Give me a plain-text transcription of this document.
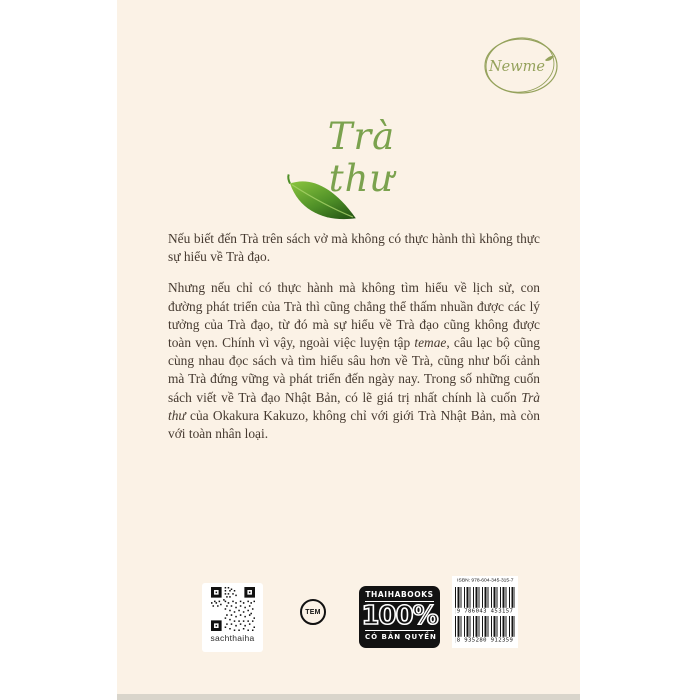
Newme
Trà
thư

Nếu biết đến Trà trên sách vở mà không có thực hành thì không thực sự hiểu về Trà đạo.

Nhưng nếu chỉ có thực hành mà không tìm hiểu về lịch sử, con đường phát triển của Trà thì cũng chẳng thể thấm nhuần được các lý tưởng của Trà đạo, từ đó mà sự hiểu về Trà đạo cũng không được toàn vẹn. Chính vì vậy, ngoài việc luyện tập temae, câu lạc bộ cũng cùng nhau đọc sách và tìm hiểu sâu hơn về Trà, cũng như bối cảnh mà Trà đứng vững và phát triển đến ngày nay. Trong số những cuốn sách viết về Trà đạo Nhật Bản, có lẽ giá trị nhất chính là cuốn Trà thư của Okakura Kakuzo, không chỉ với giới Trà Nhật Bản, mà còn với toàn nhân loại.

sachthaiha
TEM
THAIHABOOKS
100%
CÓ BẢN QUYỀN
ISBN: 978-604-345-315-7
9 786043 453157
8 935280 912359
